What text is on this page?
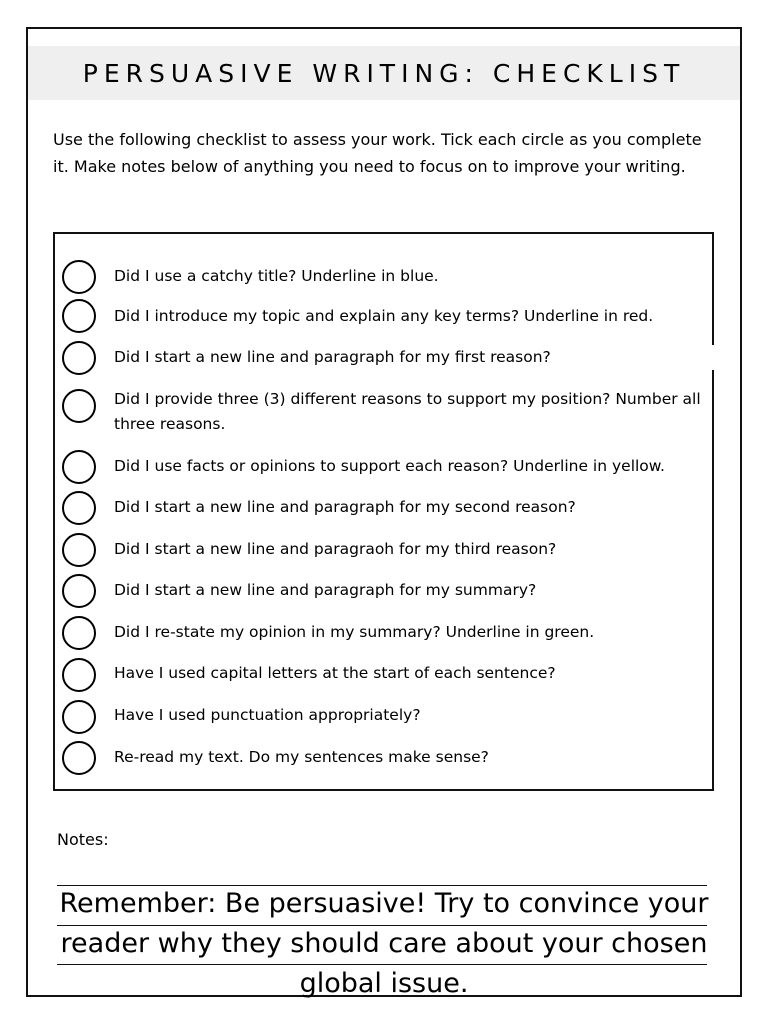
PERSUASIVE WRITING: CHECKLIST

Use the following checklist to assess your work. Tick each circle as you complete it. Make notes below of anything you need to focus on to improve your writing.

Did I use a catchy title? Underline in blue.
Did I introduce my topic and explain any key terms? Underline in red.
Did I start a new line and paragraph for my first reason?
Did I provide three (3) different reasons to support my position? Number all three reasons.
Did I use facts or opinions to support each reason? Underline in yellow.
Did I start a new line and paragraph for my second reason?
Did I start a new line and paragraoh for my third reason?
Did I start a new line and paragraph for my summary?
Did I re-state my opinion in my summary? Underline in green.
Have I used capital letters at the start of each sentence?
Have I used punctuation appropriately?
Re-read my text. Do my sentences make sense?
Notes:

Remember: Be persuasive! Try to convince your reader why they should care about your chosen global issue.
